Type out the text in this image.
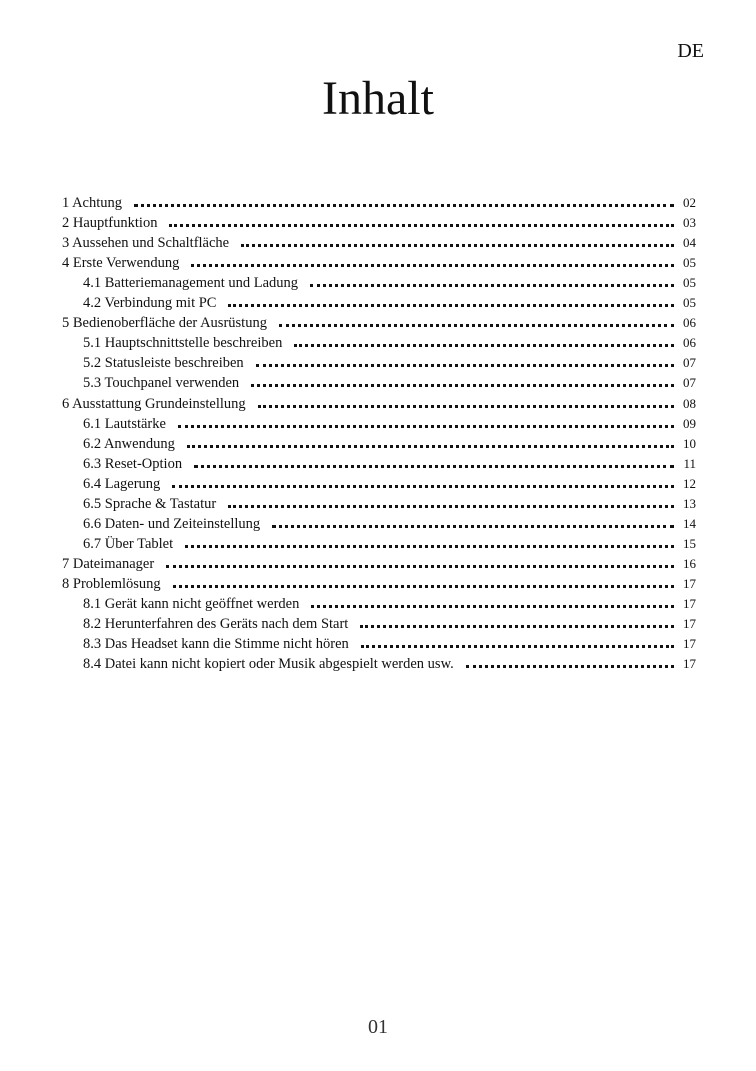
DE
Inhalt
1 Achtung	02
2 Hauptfunktion	03
3 Aussehen und Schaltfläche	04
4 Erste Verwendung	05
4.1 Batteriemanagement und Ladung	05
4.2 Verbindung mit PC	05
5 Bedienoberfläche der Ausrüstung	06
5.1 Hauptschnittstelle beschreiben	06
5.2 Statusleiste beschreiben	07
5.3 Touchpanel verwenden	07
6 Ausstattung Grundeinstellung	08
6.1 Lautstärke	09
6.2 Anwendung	10
6.3 Reset-Option	11
6.4 Lagerung	12
6.5 Sprache & Tastatur	13
6.6 Daten- und Zeiteinstellung	14
6.7 Über Tablet	15
7 Dateimanager	16
8 Problemlösung	17
8.1 Gerät kann nicht geöffnet werden	17
8.2 Herunterfahren des Geräts nach dem Start	17
8.3 Das Headset kann die Stimme nicht hören	17
8.4 Datei kann nicht kopiert oder Musik abgespielt werden usw.	17
01
